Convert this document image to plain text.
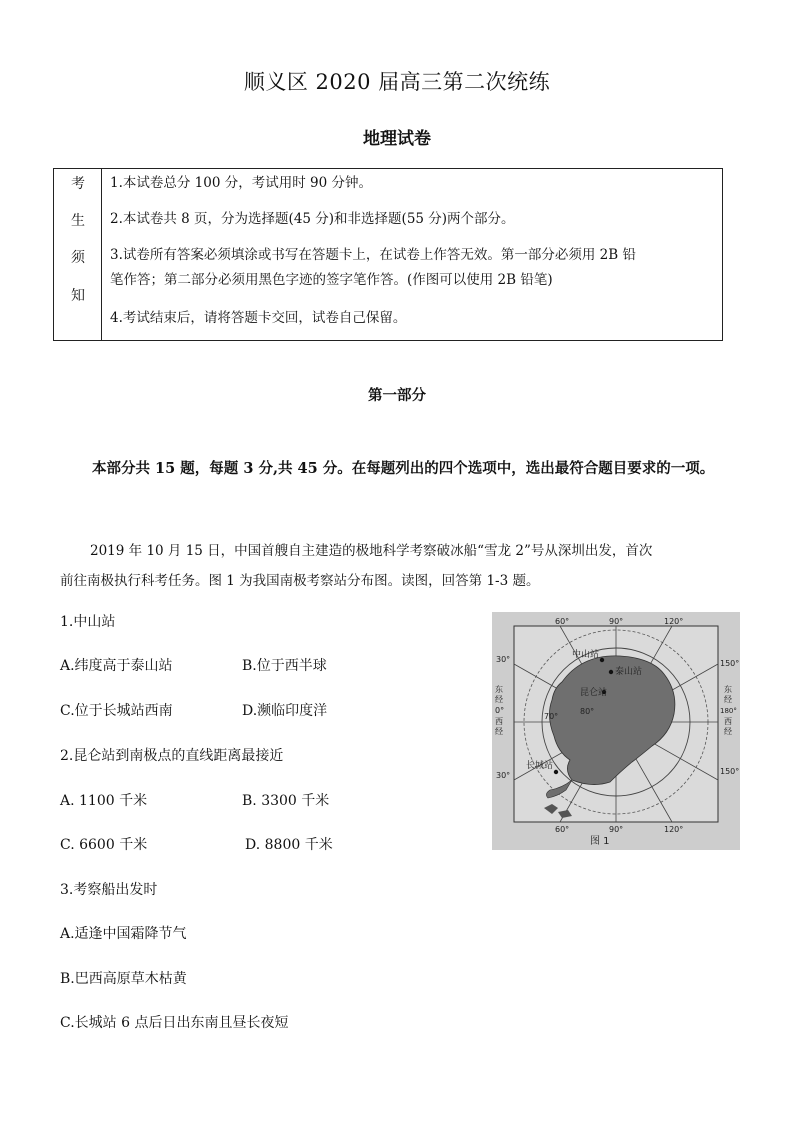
顺义区 2020 届高三第二次统练
地理试卷
考
生
须
知
1.本试卷总分 100 分，考试用时 90 分钟。
2.本试卷共 8 页，分为选择题(45 分)和非选择题(55 分)两个部分。
3.试卷所有答案必须填涂或书写在答题卡上，在试卷上作答无效。第一部分必须用 2B 铅
笔作答；第二部分必须用黑色字迹的签字笔作答。(作图可以使用 2B 铅笔)
4.考试结束后，请将答题卡交回，试卷自己保留。
第一部分
本部分共 15 题，每题 3 分,共 45 分。在每题列出的四个选项中，选出最符合题目要求的一项。

2019 年 10 月 15 日，中国首艘自主建造的极地科学考察破冰船“雪龙 2”号从深圳出发，首次

前往南极执行科考任务。图 1 为我国南极考察站分布图。读图，回答第 1-3 题。

1.中山站
A.纬度高于泰山站	B.位于西半球
C.位于长城站西南	D.濒临印度洋
2.昆仑站到南极点的直线距离最接近
A. 1100 千米	B. 3300 千米
C. 6600 千米	D. 8800 千米
3.考察船出发时
A.适逢中国霜降节气
B.巴西高原草木枯黄
C.长城站 6 点后日出东南且昼长夜短
中山站
泰山站
昆仑站
长城站
60°	90°	120°
60°	90°	120°
30°
30°
150°
150°
70°
80°
东
经
0°
西
经
东
经
180°
西
经
图 1
